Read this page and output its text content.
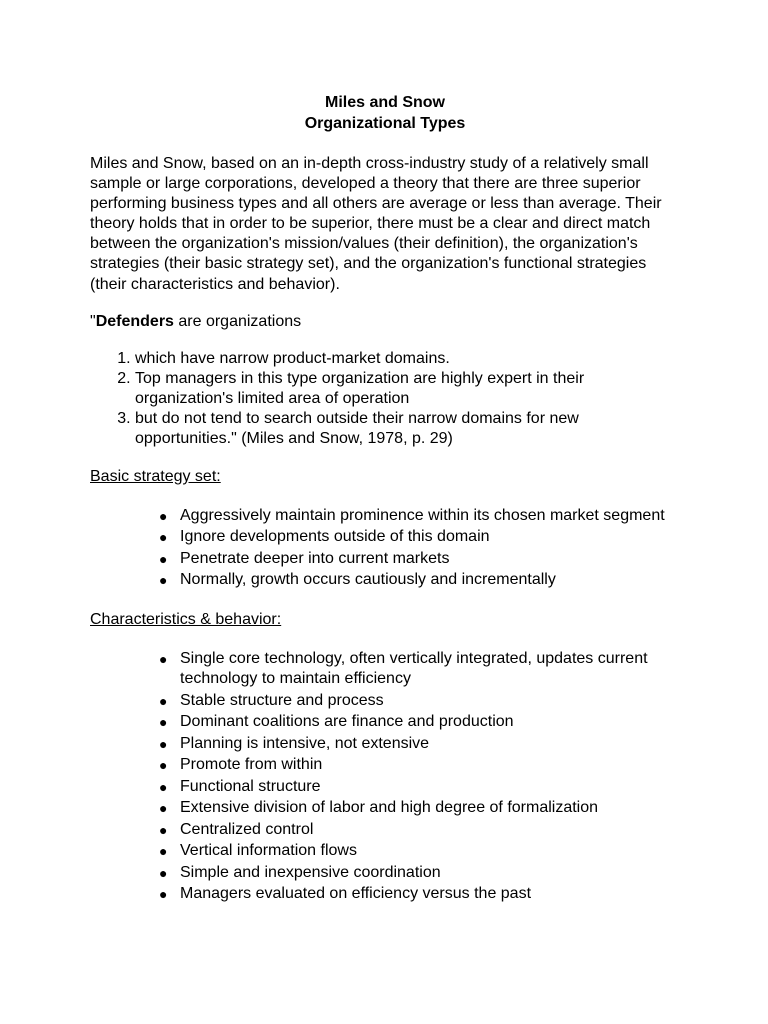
Miles and Snow

Organizational Types

Miles and Snow, based on an in-depth cross-industry study of a relatively small sample or large corporations, developed a theory that there are three superior performing business types and all others are average or less than average. Their theory holds that in order to be superior, there must be a clear and direct match between the organization's mission/values (their definition), the organization's strategies (their basic strategy set), and the organization's functional strategies (their characteristics and behavior).

"Defenders are organizations

1. which have narrow product-market domains.
2. Top managers in this type organization are highly expert in their organization's limited area of operation
3. but do not tend to search outside their narrow domains for new opportunities." (Miles and Snow, 1978, p. 29)

Basic strategy set:

● Aggressively maintain prominence within its chosen market segment
● Ignore developments outside of this domain
● Penetrate deeper into current markets
● Normally, growth occurs cautiously and incrementally

Characteristics & behavior:

● Single core technology, often vertically integrated, updates current technology to maintain efficiency
● Stable structure and process
● Dominant coalitions are finance and production
● Planning is intensive, not extensive
● Promote from within
● Functional structure
● Extensive division of labor and high degree of formalization
● Centralized control
● Vertical information flows
● Simple and inexpensive coordination
● Managers evaluated on efficiency versus the past
